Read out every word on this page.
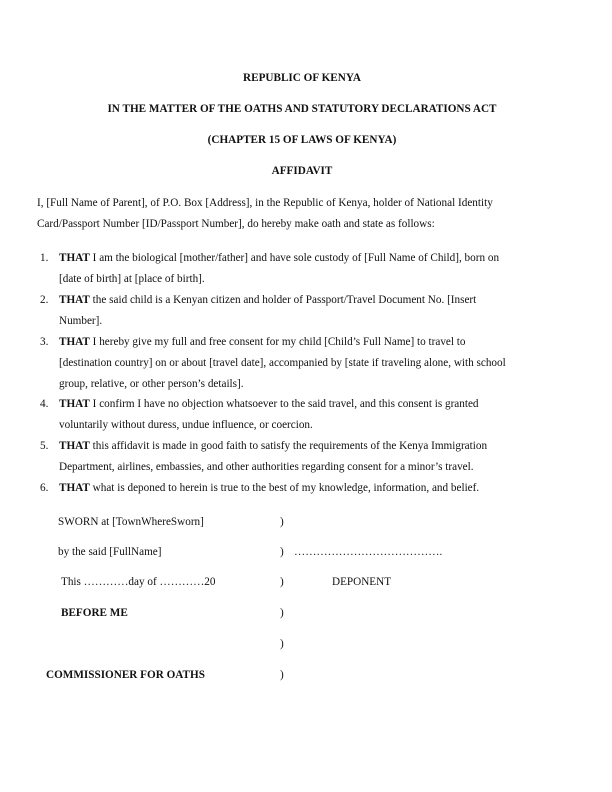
REPUBLIC OF KENYA
IN THE MATTER OF THE OATHS AND STATUTORY DECLARATIONS ACT
(CHAPTER 15 OF LAWS OF KENYA)
AFFIDAVIT
I, [Full Name of Parent], of P.O. Box [Address], in the Republic of Kenya, holder of National Identity
Card/Passport Number [ID/Passport Number], do hereby make oath and state as follows:
1. THAT I am the biological [mother/father] and have sole custody of [Full Name of Child], born on
[date of birth] at [place of birth].
2. THAT the said child is a Kenyan citizen and holder of Passport/Travel Document No. [Insert
Number].
3. THAT I hereby give my full and free consent for my child [Child’s Full Name] to travel to
[destination country] on or about [travel date], accompanied by [state if traveling alone, with school
group, relative, or other person’s details].
4. THAT I confirm I have no objection whatsoever to the said travel, and this consent is granted
voluntarily without duress, undue influence, or coercion.
5. THAT this affidavit is made in good faith to satisfy the requirements of the Kenya Immigration
Department, airlines, embassies, and other authorities regarding consent for a minor’s travel.
6. THAT what is deponed to herein is true to the best of my knowledge, information, and belief.
SWORN at [TownWhereSworn]	)
by the said [FullName]	) ………………………………….
This …………day of …………20	)	DEPONENT
BEFORE ME	)
)
COMMISSIONER FOR OATHS	)
